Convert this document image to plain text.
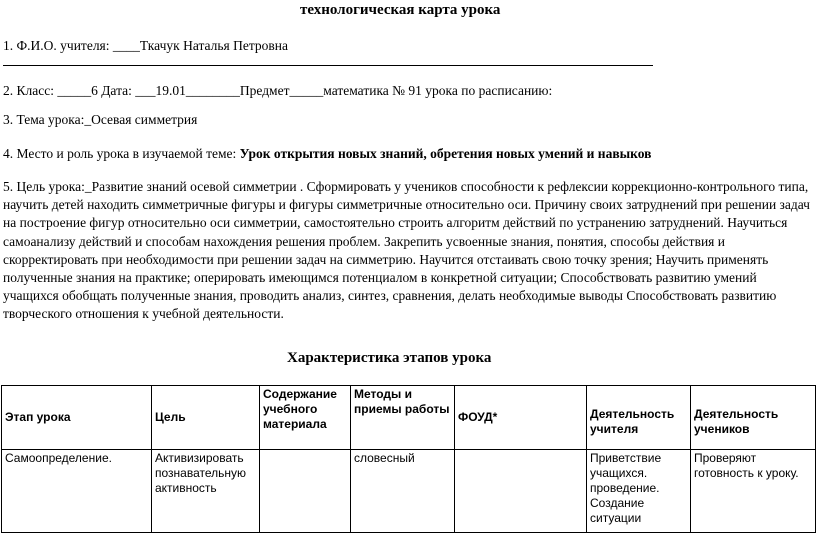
технологическая карта урока
1. Ф.И.О. учителя: ____Ткачук Наталья Петровна
2. Класс: _____6 Дата: ___19.01________Предмет_____математика № 91 урока по расписанию:
3. Тема урока:_Осевая симметрия
4. Место и роль урока в изучаемой теме: Урок открытия новых знаний, обретения новых умений и навыков
5. Цель урока:_Развитие знаний осевой симметрии . Сформировать у учеников способности к рефлексии коррекционно-контрольного типа, научить детей находить симметричные фигуры и фигуры симметричные относительно оси. Причину своих затруднений при решении задач на построение фигур относительно оси симметрии, самостоятельно строить алгоритм действий по устранению затруднений. Научиться самоанализу действий и способам нахождения решения проблем. Закрепить усвоенные знания, понятия, способы действия и скорректировать при необходимости при решении задач на симметрию. Научится отстаивать свою точку зрения; Научить применять полученные знания на практике; оперировать имеющимся потенциалом в конкретной ситуации; Способствовать развитию умений учащихся обобщать полученные знания, проводить анализ, синтез, сравнения, делать необходимые выводы Способствовать развитию творческого отношения к учебной деятельности.
Характеристика этапов урока
Этап урока	Цель	Содержание учебного материала	Методы и приемы работы	ФОУД*	Деятельность учителя	Деятельность учеников
Самоопределение.	Активизировать познавательную активность		словесный		Приветствие учащихся. проведение. Создание ситуации	Проверяют готовность к уроку.
